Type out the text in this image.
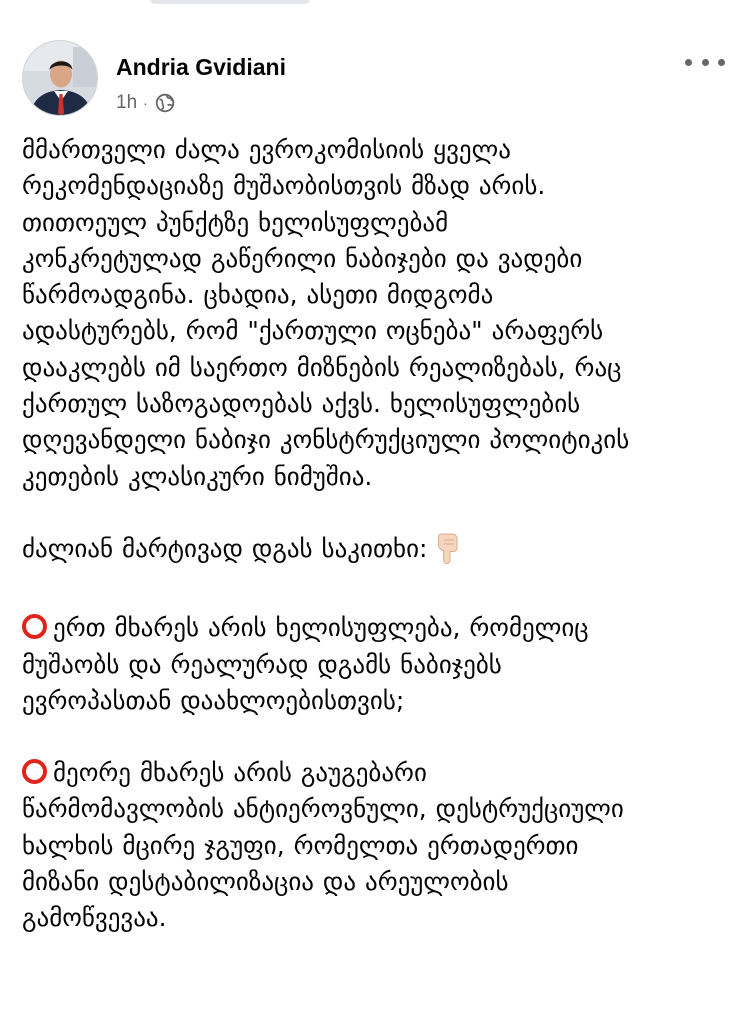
Andria Gvidiani
1h ·

მმართველი ძალა ევროკომისიის ყველა
რეკომენდაციაზე მუშაობისთვის მზად არის.
თითოეულ პუნქტზე ხელისუფლებამ
კონკრეტულად გაწერილი ნაბიჯები და ვადები
წარმოადგინა. ცხადია, ასეთი მიდგომა
ადასტურებს, რომ "ქართული ოცნება" არაფერს
დააკლებს იმ საერთო მიზნების რეალიზებას, რაც
ქართულ საზოგადოებას აქვს. ხელისუფლების
დღევანდელი ნაბიჯი კონსტრუქციული პოლიტიკის
კეთების კლასიკური ნიმუშია.

ძალიან მარტივად დგას საკითხი:

ერთ მხარეს არის ხელისუფლება, რომელიც
მუშაობს და რეალურად დგამს ნაბიჯებს
ევროპასთან დაახლოებისთვის;

მეორე მხარეს არის გაუგებარი
წარმომავლობის ანტიეროვნული, დესტრუქციული
ხალხის მცირე ჯგუფი, რომელთა ერთადერთი
მიზანი დესტაბილიზაცია და არეულობის
გამოწვევაა.
